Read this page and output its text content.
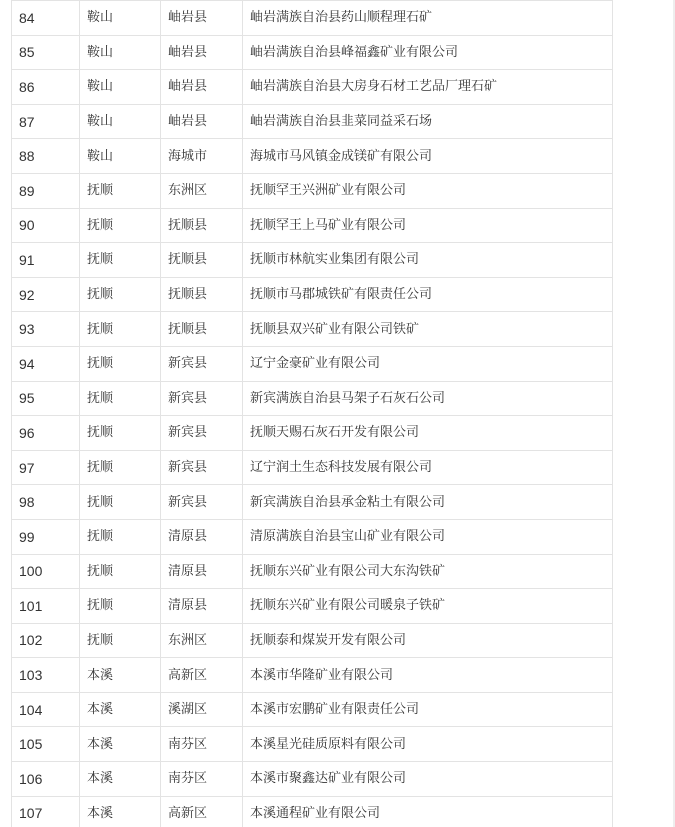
84	鞍山	岫岩县	岫岩满族自治县药山顺程理石矿
85	鞍山	岫岩县	岫岩满族自治县峰福鑫矿业有限公司
86	鞍山	岫岩县	岫岩满族自治县大房身石材工艺品厂理石矿
87	鞍山	岫岩县	岫岩满族自治县韭菜同益采石场
88	鞍山	海城市	海城市马风镇金成镁矿有限公司
89	抚顺	东洲区	抚顺罕王兴洲矿业有限公司
90	抚顺	抚顺县	抚顺罕王上马矿业有限公司
91	抚顺	抚顺县	抚顺市林航实业集团有限公司
92	抚顺	抚顺县	抚顺市马郡城铁矿有限责任公司
93	抚顺	抚顺县	抚顺县双兴矿业有限公司铁矿
94	抚顺	新宾县	辽宁金豪矿业有限公司
95	抚顺	新宾县	新宾满族自治县马架子石灰石公司
96	抚顺	新宾县	抚顺天赐石灰石开发有限公司
97	抚顺	新宾县	辽宁润土生态科技发展有限公司
98	抚顺	新宾县	新宾满族自治县承金粘土有限公司
99	抚顺	清原县	清原满族自治县宝山矿业有限公司
100	抚顺	清原县	抚顺东兴矿业有限公司大东沟铁矿
101	抚顺	清原县	抚顺东兴矿业有限公司暖泉子铁矿
102	抚顺	东洲区	抚顺泰和煤炭开发有限公司
103	本溪	高新区	本溪市华隆矿业有限公司
104	本溪	溪湖区	本溪市宏鹏矿业有限责任公司
105	本溪	南芬区	本溪星光硅质原料有限公司
106	本溪	南芬区	本溪市聚鑫达矿业有限公司
107	本溪	高新区	本溪通程矿业有限公司
